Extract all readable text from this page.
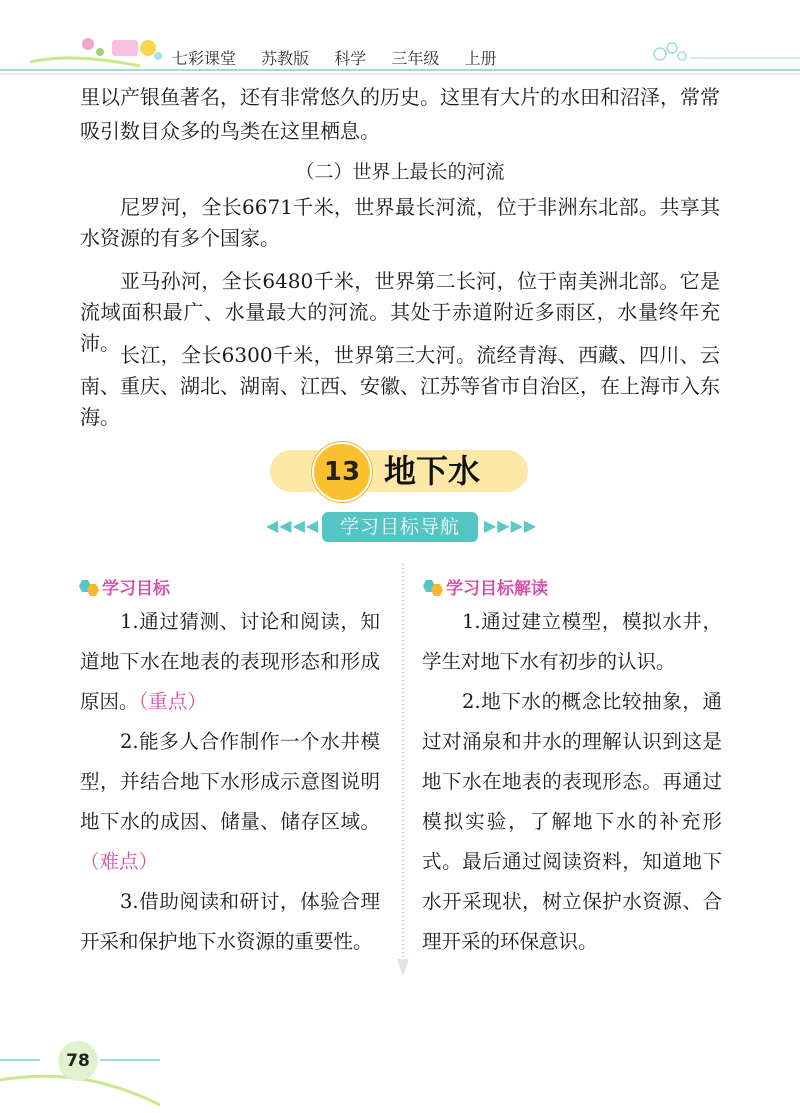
七彩课堂 苏教版 科学 三年级 上册
里以产银鱼著名，还有非常悠久的历史。这里有大片的水田和沼泽，常常
吸引数目众多的鸟类在这里栖息。
（二）世界上最长的河流
尼罗河，全长6671千米，世界最长河流，位于非洲东北部。共享其水资源的有多个国家。
亚马孙河，全长6480千米，世界第二长河，位于南美洲北部。它是流域面积最广、水量最大的河流。其处于赤道附近多雨区，水量终年充沛。 长江，全长6300千米，世界第三大河。流经青海、西藏、四川、云南、重庆、湖北、湖南、江西、安徽、江苏等省市自治区，在上海市入东海。
13 地下水
◀◀◀◀	学习目标导航	▶▶▶▶
学习目标
1.通过猜测、讨论和阅读，知道地下水在地表的表现形态和形成原因。（重点）
2.能多人合作制作一个水井模型，并结合地下水形成示意图说明地下水的成因、储量、储存区域。（难点）
3.借助阅读和研讨，体验合理开采和保护地下水资源的重要性。
学习目标解读
1.通过建立模型，模拟水井，学生对地下水有初步的认识。
2.地下水的概念比较抽象，通过对涌泉和井水的理解认识到这是地下水在地表的表现形态。再通过模拟实验，了解地下水的补充形式。最后通过阅读资料，知道地下水开采现状，树立保护水资源、合理开采的环保意识。
78
